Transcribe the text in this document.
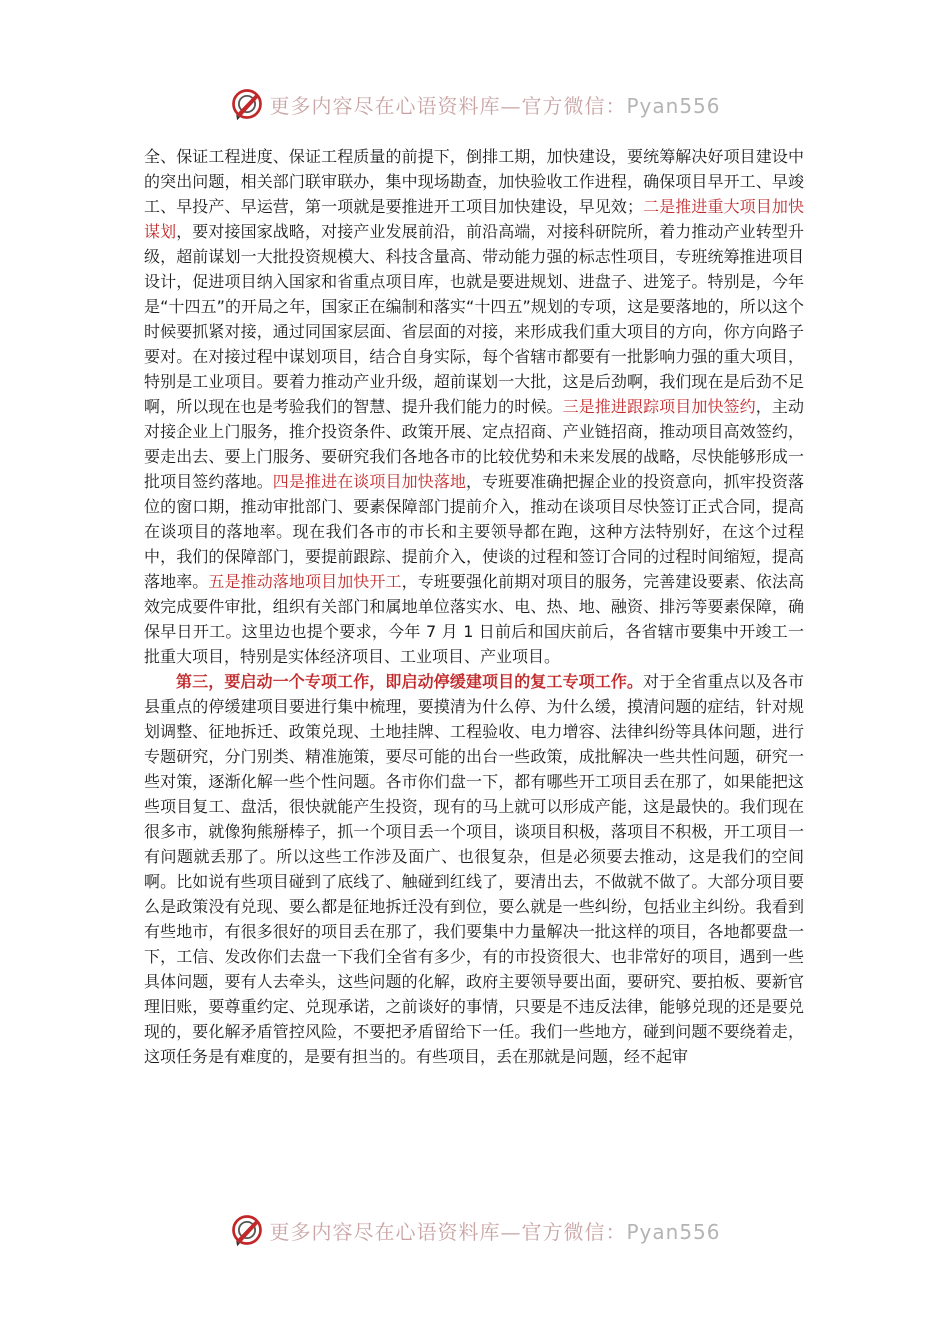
更多内容尽在心语资料库—官方微信：Pyan556

全、保证工程进度、保证工程质量的前提下，倒排工期，加快建设，要统筹解决好项目建设中的突出问题，相关部门联审联办，集中现场勘查，加快验收工作进程，确保项目早开工、早竣工、早投产、早运营，第一项就是要推进开工项目加快建设，早见效；二是推进重大项目加快谋划，要对接国家战略，对接产业发展前沿，前沿高端，对接科研院所，着力推动产业转型升级，超前谋划一大批投资规模大、科技含量高、带动能力强的标志性项目，专班统筹推进项目设计，促进项目纳入国家和省重点项目库，也就是要进规划、进盘子、进笼子。特别是，今年是“十四五”的开局之年，国家正在编制和落实“十四五”规划的专项，这是要落地的，所以这个时候要抓紧对接，通过同国家层面、省层面的对接，来形成我们重大项目的方向，你方向路子要对。在对接过程中谋划项目，结合自身实际，每个省辖市都要有一批影响力强的重大项目，特别是工业项目。要着力推动产业升级，超前谋划一大批，这是后劲啊，我们现在是后劲不足啊，所以现在也是考验我们的智慧、提升我们能力的时候。三是推进跟踪项目加快签约，主动对接企业上门服务，推介投资条件、政策开展、定点招商、产业链招商，推动项目高效签约，要走出去、要上门服务、要研究我们各地各市的比较优势和未来发展的战略，尽快能够形成一批项目签约落地。四是推进在谈项目加快落地，专班要准确把握企业的投资意向，抓牢投资落位的窗口期，推动审批部门、要素保障部门提前介入，推动在谈项目尽快签订正式合同，提高在谈项目的落地率。现在我们各市的市长和主要领导都在跑，这种方法特别好，在这个过程中，我们的保障部门，要提前跟踪、提前介入，使谈的过程和签订合同的过程时间缩短，提高落地率。五是推动落地项目加快开工，专班要强化前期对项目的服务，完善建设要素、依法高效完成要件审批，组织有关部门和属地单位落实水、电、热、地、融资、排污等要素保障，确保早日开工。这里边也提个要求，今年 7 月 1 日前后和国庆前后，各省辖市要集中开竣工一批重大项目，特别是实体经济项目、工业项目、产业项目。

第三，要启动一个专项工作，即启动停缓建项目的复工专项工作。对于全省重点以及各市县重点的停缓建项目要进行集中梳理，要摸清为什么停、为什么缓，摸清问题的症结，针对规划调整、征地拆迁、政策兑现、土地挂牌、工程验收、电力增容、法律纠纷等具体问题，进行专题研究，分门别类、精准施策，要尽可能的出台一些政策，成批解决一些共性问题，研究一些对策，逐渐化解一些个性问题。各市你们盘一下，都有哪些开工项目丢在那了，如果能把这些项目复工、盘活，很快就能产生投资，现有的马上就可以形成产能，这是最快的。我们现在很多市，就像狗熊掰棒子，抓一个项目丢一个项目，谈项目积极，落项目不积极，开工项目一有问题就丢那了。所以这些工作涉及面广、也很复杂，但是必须要去推动，这是我们的空间啊。比如说有些项目碰到了底线了、触碰到红线了，要清出去，不做就不做了。大部分项目要么是政策没有兑现、要么都是征地拆迁没有到位，要么就是一些纠纷，包括业主纠纷。我看到有些地市，有很多很好的项目丢在那了，我们要集中力量解决一批这样的项目，各地都要盘一下，工信、发改你们去盘一下我们全省有多少，有的市投资很大、也非常好的项目，遇到一些具体问题，要有人去牵头，这些问题的化解，政府主要领导要出面，要研究、要拍板、要新官理旧账，要尊重约定、兑现承诺，之前谈好的事情，只要是不违反法律，能够兑现的还是要兑现的，要化解矛盾管控风险，不要把矛盾留给下一任。我们一些地方，碰到问题不要绕着走，这项任务是有难度的，是要有担当的。有些项目，丢在那就是问题，经不起审

更多内容尽在心语资料库—官方微信：Pyan556
